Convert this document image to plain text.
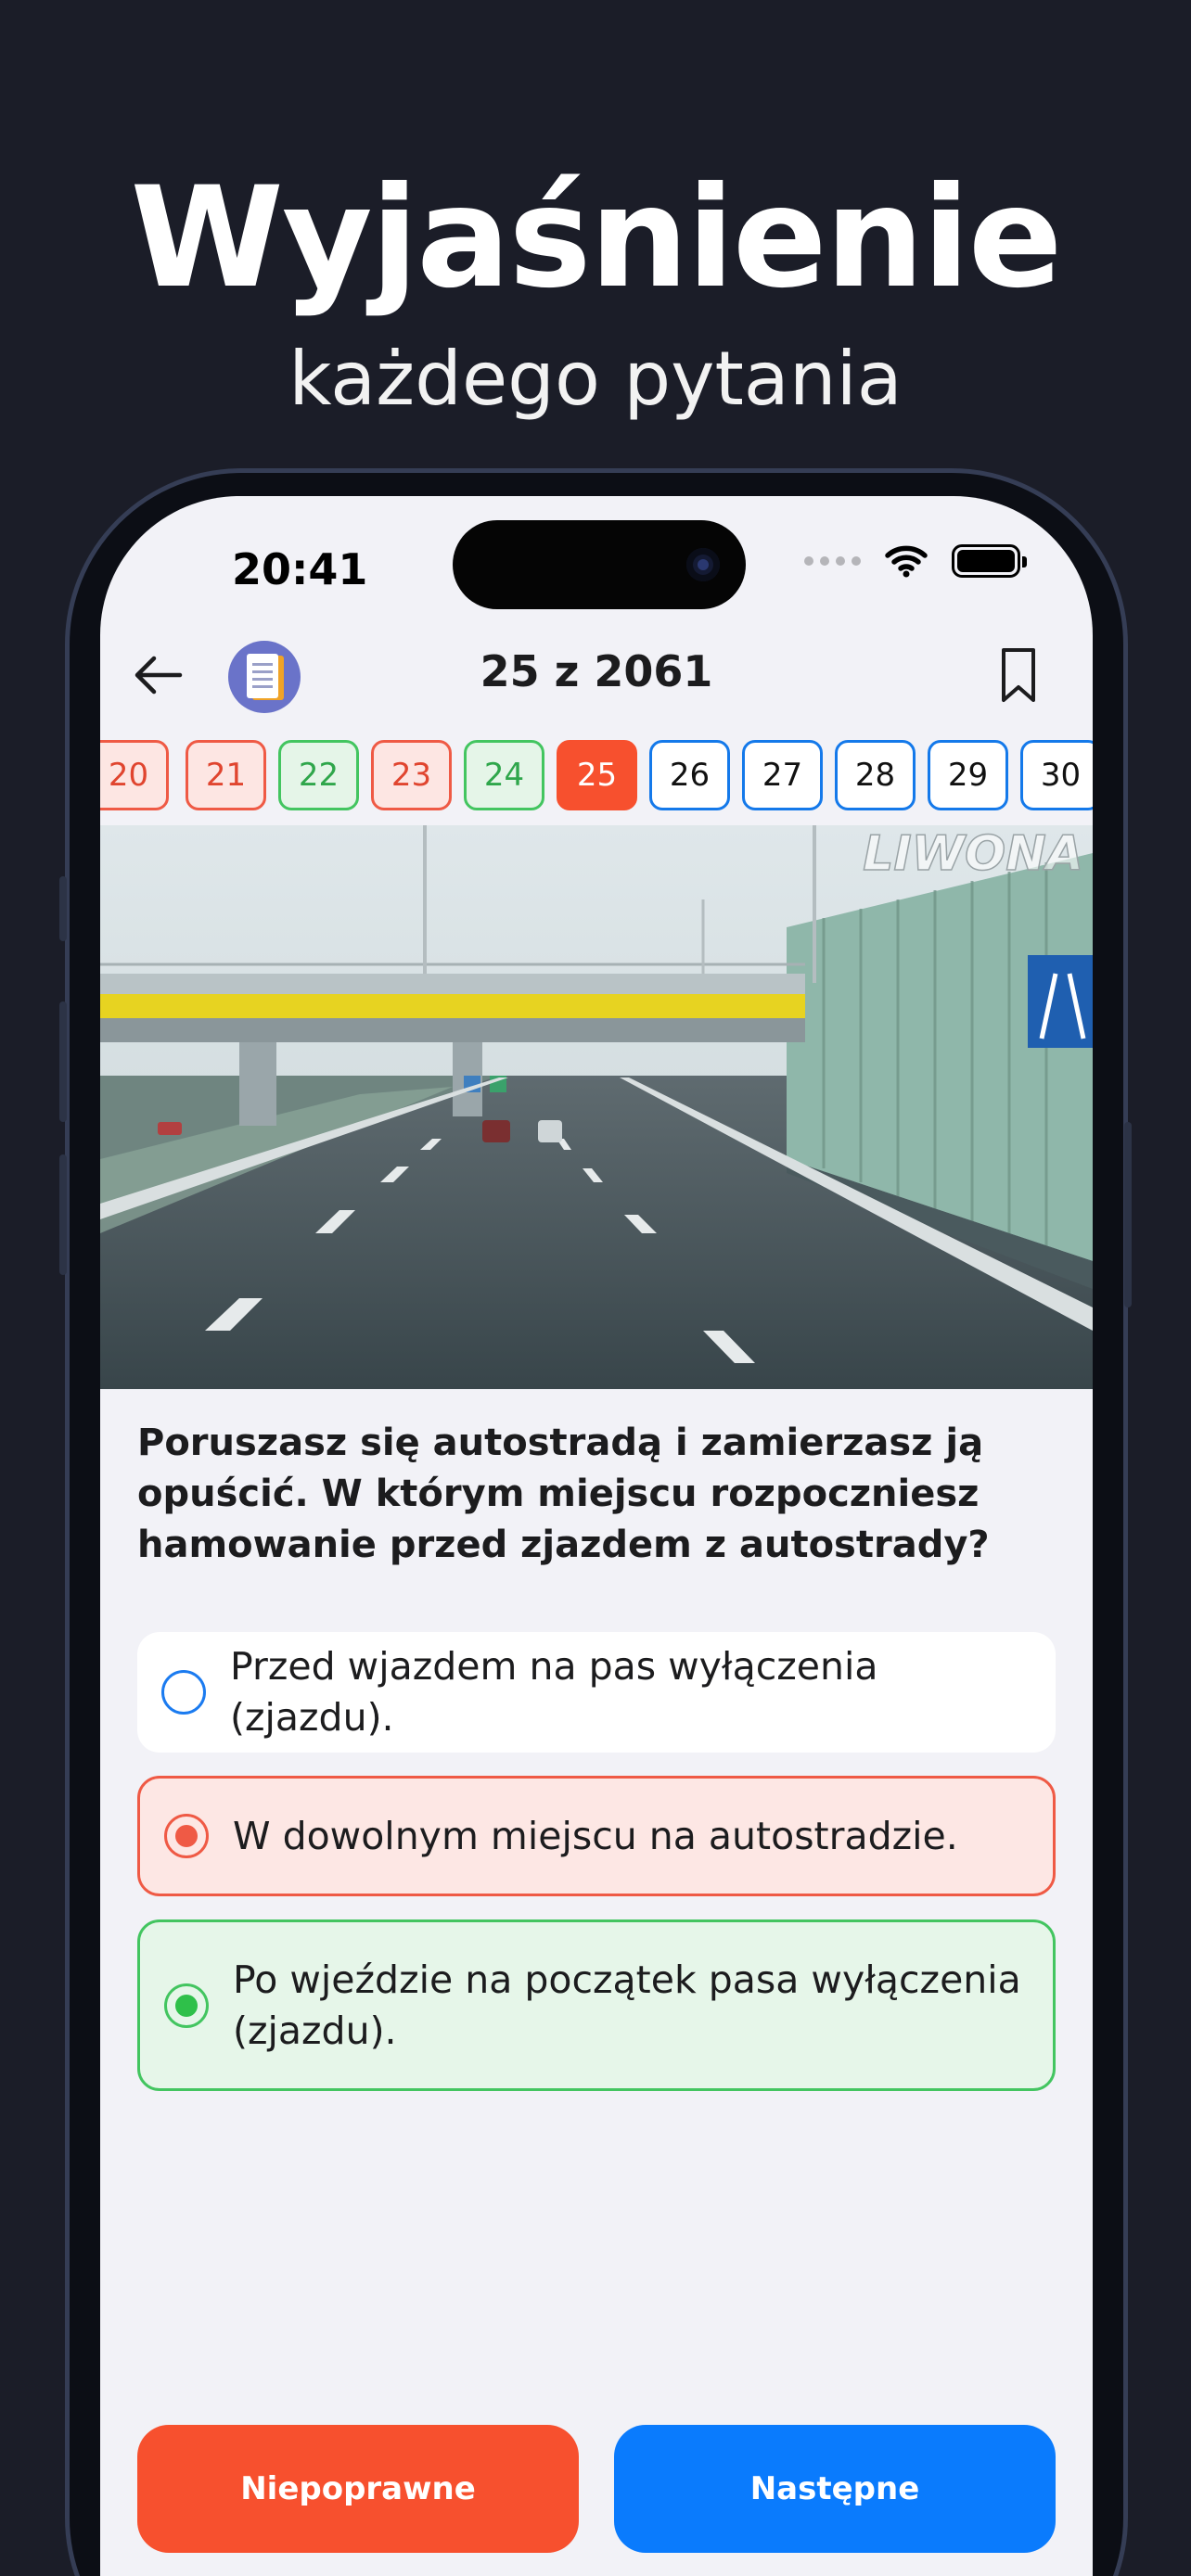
Wyjaśnienie
każdego pytania
20:41
25 z 2061
20	21	22	23	24	25	26	27	28	29	30
LIWONA
Poruszasz się autostradą i zamierzasz ją opuścić. W którym miejscu rozpoczniesz hamowanie przed zjazdem z autostrady?
Przed wjazdem na pas wyłączenia (zjazdu).
W dowolnym miejscu na autostradzie.
Po wjeździe na początek pasa wyłączenia (zjazdu).
Niepoprawne	Następne
